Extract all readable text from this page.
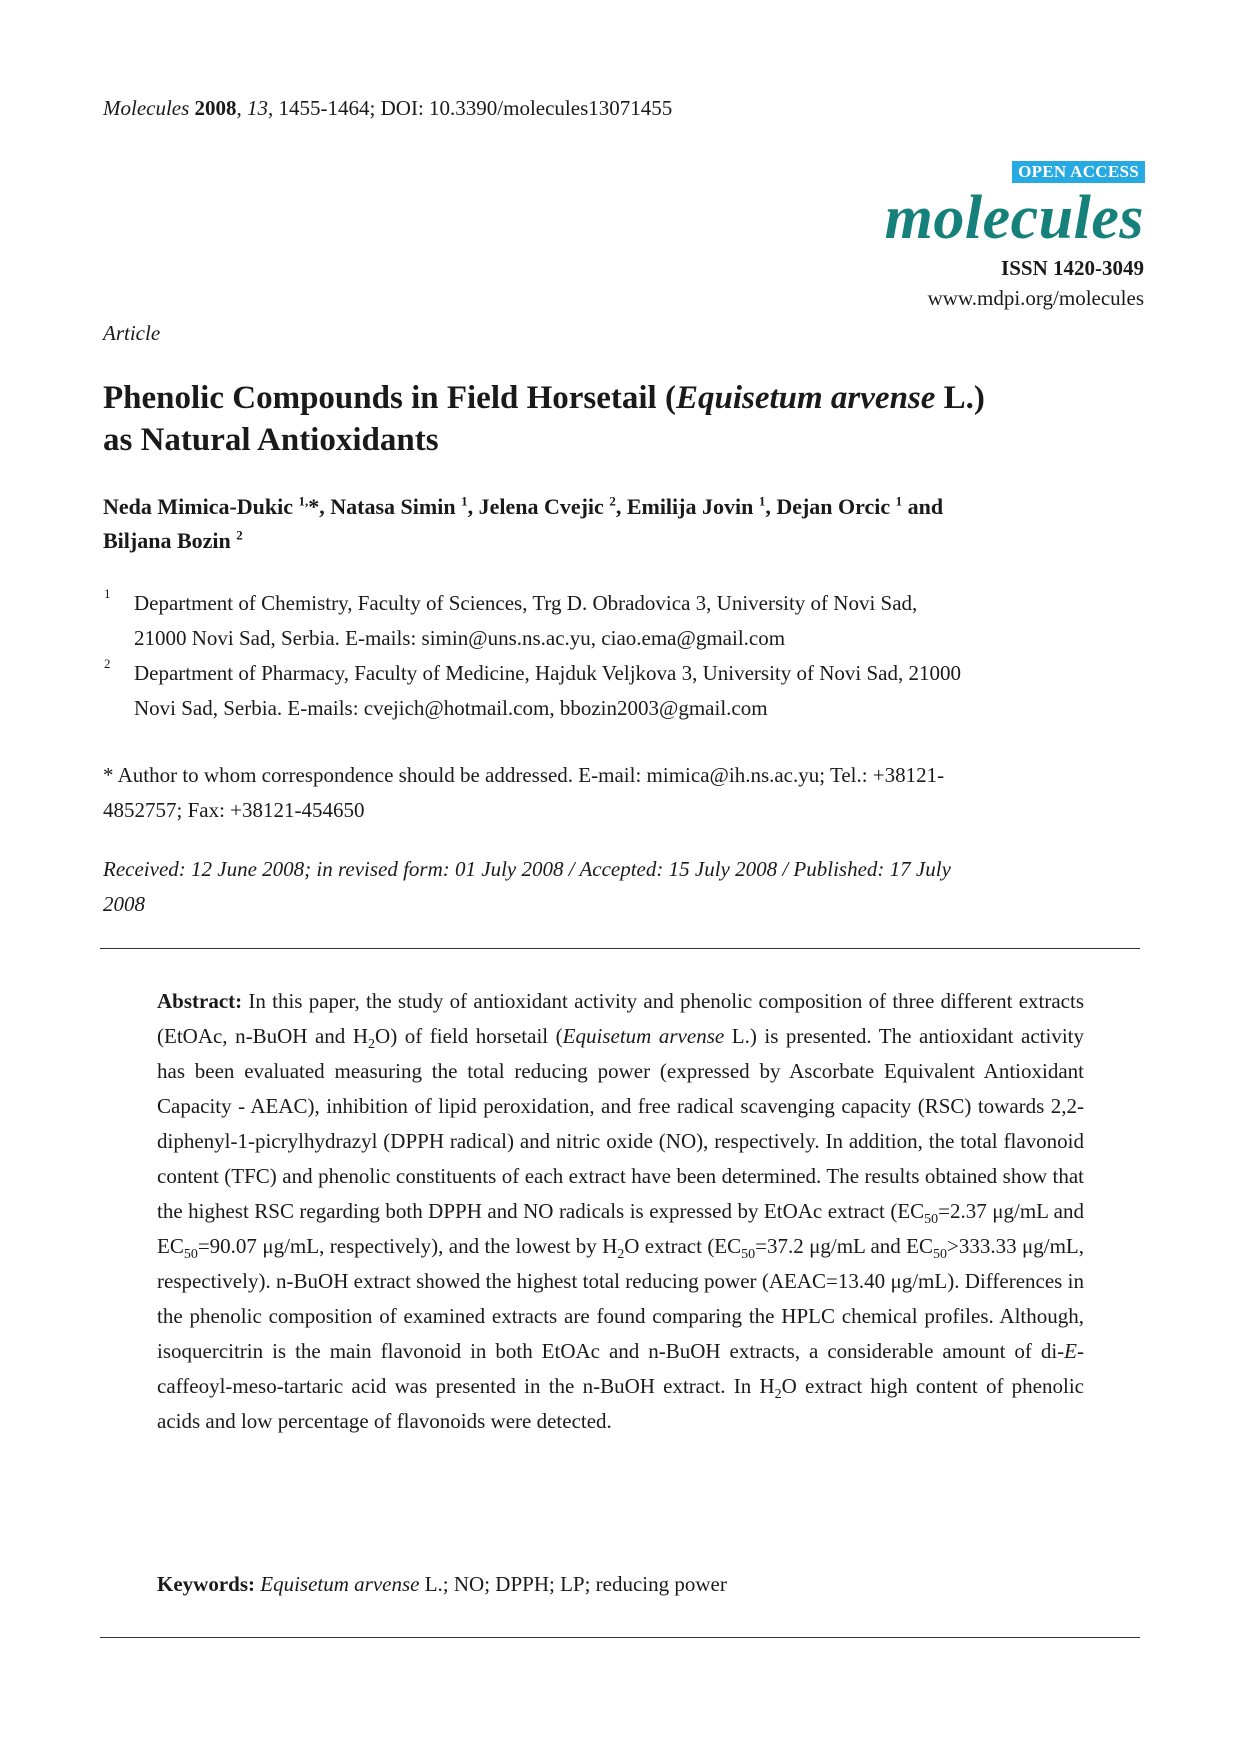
Molecules 2008, 13, 1455-1464; DOI: 10.3390/molecules13071455
OPEN ACCESS
molecules
ISSN 1420-3049
www.mdpi.org/molecules
Article
Phenolic Compounds in Field Horsetail (Equisetum arvense L.)
as Natural Antioxidants
Neda Mimica-Dukic $^{1,}$*, Natasa Simin $^1$, Jelena Cvejic $^2$, Emilija Jovin $^1$, Dejan Orcic $^1$ and
Biljana Bozin $^2$
1 Department of Chemistry, Faculty of Sciences, Trg D. Obradovica 3, University of Novi Sad,
21000 Novi Sad, Serbia. E-mails: simin@uns.ns.ac.yu, ciao.ema@gmail.com
2 Department of Pharmacy, Faculty of Medicine, Hajduk Veljkova 3, University of Novi Sad, 21000
Novi Sad, Serbia. E-mails: cvejich@hotmail.com, bbozin2003@gmail.com
* Author to whom correspondence should be addressed. E-mail: mimica@ih.ns.ac.yu; Tel.: +38121-
4852757; Fax: +38121-454650
Received: 12 June 2008; in revised form: 01 July 2008 / Accepted: 15 July 2008 / Published: 17 July
2008
Abstract: In this paper, the study of antioxidant activity and phenolic composition of three different extracts (EtOAc, n-BuOH and $H_2O$) of field horsetail (Equisetum arvense L.) is presented. The antioxidant activity has been evaluated measuring the total reducing power (expressed by Ascorbate Equivalent Antioxidant Capacity - AEAC), inhibition of lipid peroxidation, and free radical scavenging capacity (RSC) towards 2,2-diphenyl-1-picrylhydrazyl (DPPH radical) and nitric oxide (NO), respectively. In addition, the total flavonoid content (TFC) and phenolic constituents of each extract have been determined. The results obtained show that the highest RSC regarding both DPPH and NO radicals is expressed by EtOAc extract ($EC_{50}=2.37$ μg/mL and $EC_{50}=90.07$ μg/mL, respectively), and the lowest by $H_2O$ extract ($EC_{50}=37.2$ μg/mL and $EC_{50}>333.33$ μg/mL, respectively). n-BuOH extract showed the highest total reducing power (AEAC=13.40 μg/mL). Differences in the phenolic composition of examined extracts are found comparing the HPLC chemical profiles. Although, isoquercitrin is the main flavonoid in both EtOAc and n-BuOH extracts, a considerable amount of di-E-caffeoyl-meso-tartaric acid was presented in the n-BuOH extract. In $H_2O$ extract high content of phenolic acids and low percentage of flavonoids were detected.
Keywords: Equisetum arvense L.; NO; DPPH; LP; reducing power
